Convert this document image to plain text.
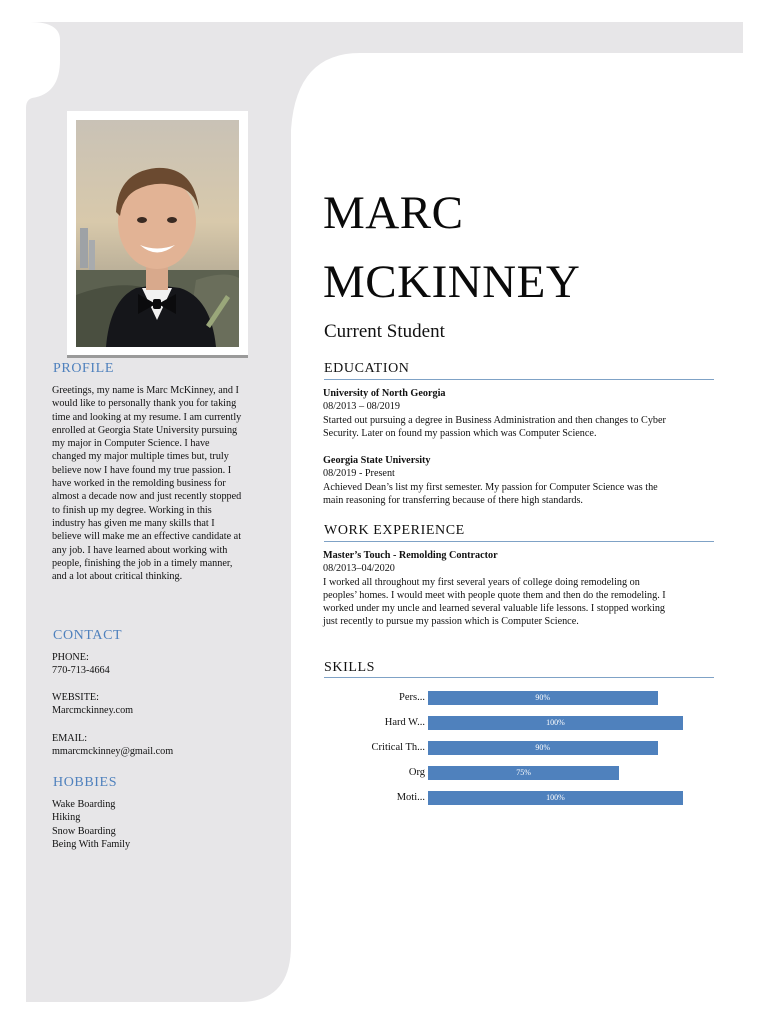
MARC
MCKINNEY
Current Student
PROFILE
Greetings, my name is Marc McKinney, and I
would like to personally thank you for taking
time and looking at my resume. I am currently
enrolled at Georgia State University pursuing
my major in Computer Science. I have
changed my major multiple times but, truly
believe now I have found my true passion. I
have worked in the remolding business for
almost a decade now and just recently stopped
to finish up my degree. Working in this
industry has given me many skills that I
believe will make me an effective candidate at
any job. I have learned about working with
people, finishing the job in a timely manner,
and a lot about critical thinking.
CONTACT
PHONE:
770-713-4664
WEBSITE:
Marcmckinney.com
EMAIL:
mmarcmckinney@gmail.com
HOBBIES
Wake Boarding
Hiking
Snow Boarding
Being With Family
EDUCATION
University of North Georgia
08/2013 – 08/2019
Started out pursuing a degree in Business Administration and then changes to Cyber
Security. Later on found my passion which was Computer Science.
Georgia State University
08/2019 - Present
Achieved Dean’s list my first semester. My passion for Computer Science was the
main reasoning for transferring because of there high standards.
WORK EXPERIENCE
Master’s Touch - Remolding Contractor
08/2013–04/2020
I worked all throughout my first several years of college doing remodeling on
peoples’ homes. I would meet with people quote them and then do the remodeling. I
worked under my uncle and learned several valuable life lessons. I stopped working
just recently to pursue my passion which is Computer Science.
SKILLS
Pers...	90%
Hard W...	100%
Critical Th...	90%
Org	75%
Moti...	100%
